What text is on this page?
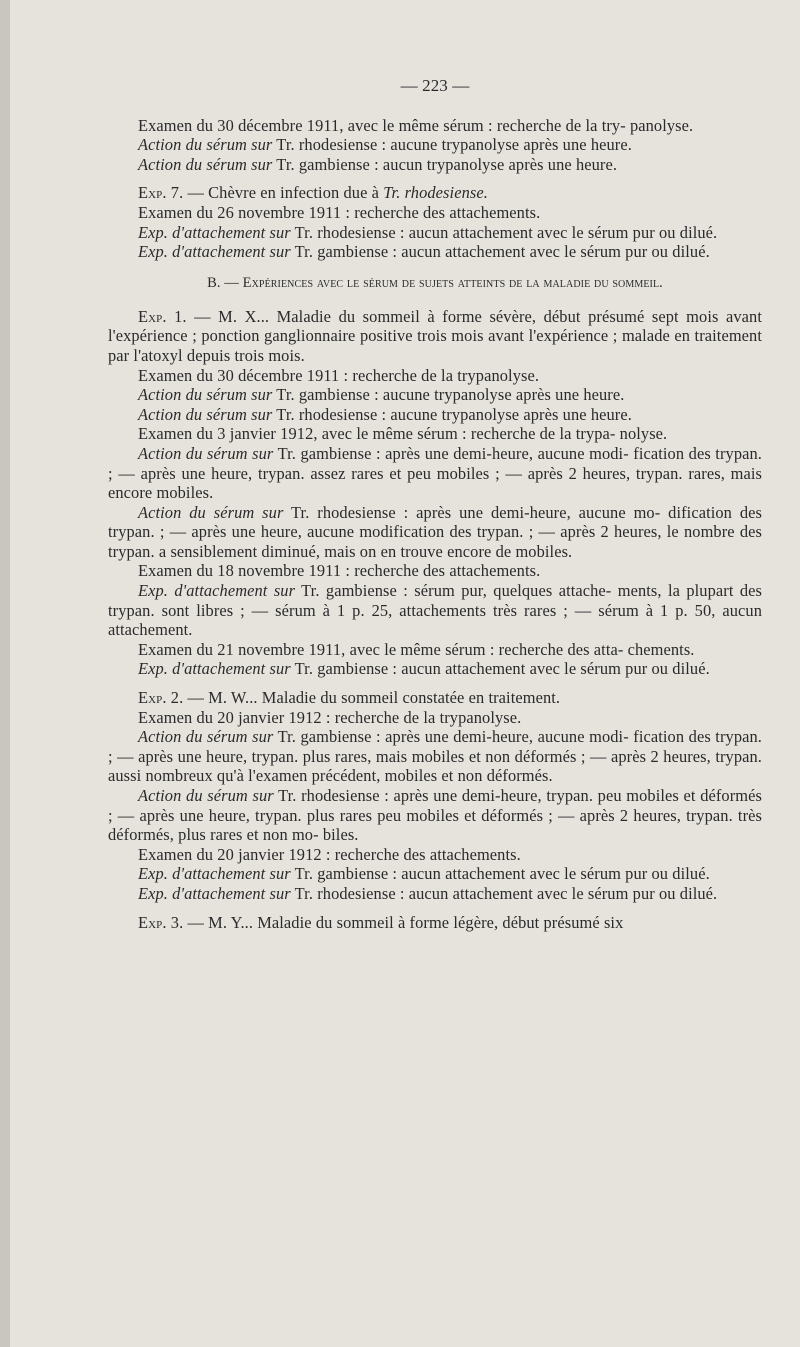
— 223 —

Examen du 30 décembre 1911, avec le même sérum : recherche de la try- panolyse.

Action du sérum sur Tr. rhodesiense : aucune trypanolyse après une heure.

Action du sérum sur Tr. gambiense : aucun trypanolyse après une heure.

Exp. 7. — Chèvre en infection due à Tr. rhodesiense.

Examen du 26 novembre 1911 : recherche des attachements.

Exp. d'attachement sur Tr. rhodesiense : aucun attachement avec le sérum pur ou dilué.

Exp. d'attachement sur Tr. gambiense : aucun attachement avec le sérum pur ou dilué.

B. — Expériences avec le sérum de sujets atteints de la maladie du sommeil.

Exp. 1. — M. X... Maladie du sommeil à forme sévère, début présumé sept mois avant l'expérience ; ponction ganglionnaire positive trois mois avant l'expérience ; malade en traitement par l'atoxyl depuis trois mois.

Examen du 30 décembre 1911 : recherche de la trypanolyse.

Action du sérum sur Tr. gambiense : aucune trypanolyse après une heure.

Action du sérum sur Tr. rhodesiense : aucune trypanolyse après une heure.

Examen du 3 janvier 1912, avec le même sérum : recherche de la trypa- nolyse.

Action du sérum sur Tr. gambiense : après une demi-heure, aucune modi- fication des trypan. ; — après une heure, trypan. assez rares et peu mobiles ; — après 2 heures, trypan. rares, mais encore mobiles.

Action du sérum sur Tr. rhodesiense : après une demi-heure, aucune mo- dification des trypan. ; — après une heure, aucune modification des trypan. ; — après 2 heures, le nombre des trypan. a sensiblement diminué, mais on en trouve encore de mobiles.

Examen du 18 novembre 1911 : recherche des attachements.

Exp. d'attachement sur Tr. gambiense : sérum pur, quelques attache- ments, la plupart des trypan. sont libres ; — sérum à 1 p. 25, attachements très rares ; — sérum à 1 p. 50, aucun attachement.

Examen du 21 novembre 1911, avec le même sérum : recherche des atta- chements.

Exp. d'attachement sur Tr. gambiense : aucun attachement avec le sérum pur ou dilué.

Exp. 2. — M. W... Maladie du sommeil constatée en traitement.

Examen du 20 janvier 1912 : recherche de la trypanolyse.

Action du sérum sur Tr. gambiense : après une demi-heure, aucune modi- fication des trypan. ; — après une heure, trypan. plus rares, mais mobiles et non déformés ; — après 2 heures, trypan. aussi nombreux qu'à l'examen précédent, mobiles et non déformés.

Action du sérum sur Tr. rhodesiense : après une demi-heure, trypan. peu mobiles et déformés ; — après une heure, trypan. plus rares peu mobiles et déformés ; — après 2 heures, trypan. très déformés, plus rares et non mo- biles.

Examen du 20 janvier 1912 : recherche des attachements.

Exp. d'attachement sur Tr. gambiense : aucun attachement avec le sérum pur ou dilué.

Exp. d'attachement sur Tr. rhodesiense : aucun attachement avec le sérum pur ou dilué.

Exp. 3. — M. Y... Maladie du sommeil à forme légère, début présumé six
